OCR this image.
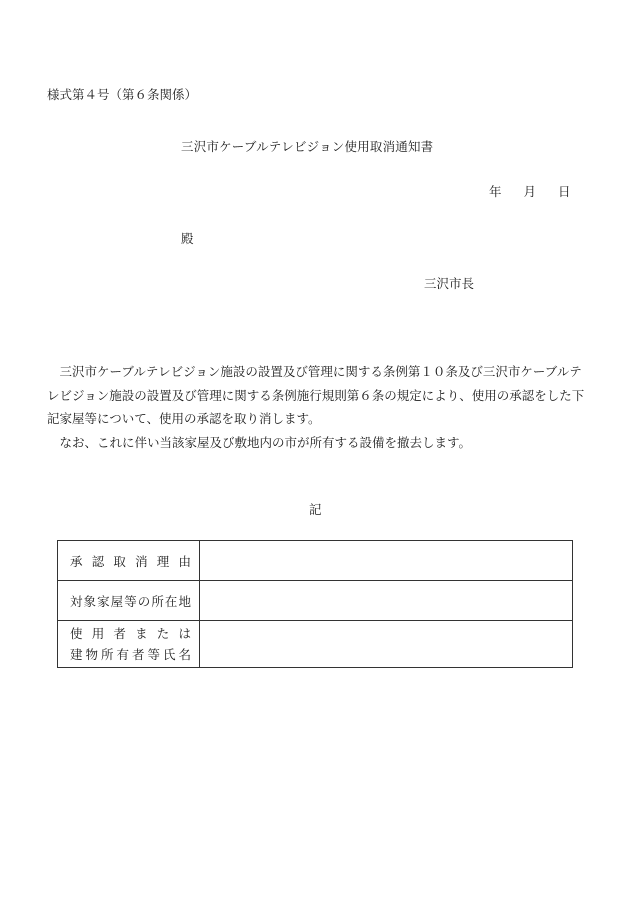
様式第４号（第６条関係）
三沢市ケーブルテレビジョン使用取消通知書
年 月 日
殿
三沢市長

三沢市ケーブルテレビジョン施設の設置及び管理に関する条例第１０条及び三沢市ケーブルテレビジョン施設の設置及び管理に関する条例施行規則第６条の規定により、使用の承認をした下記家屋等について、使用の承認を取り消します。

なお、これに伴い当該家屋及び敷地内の市が所有する設備を撤去します。

記
承認取消理由	
対象家屋等の所在地	

使用者または
建物所有者等氏名	
